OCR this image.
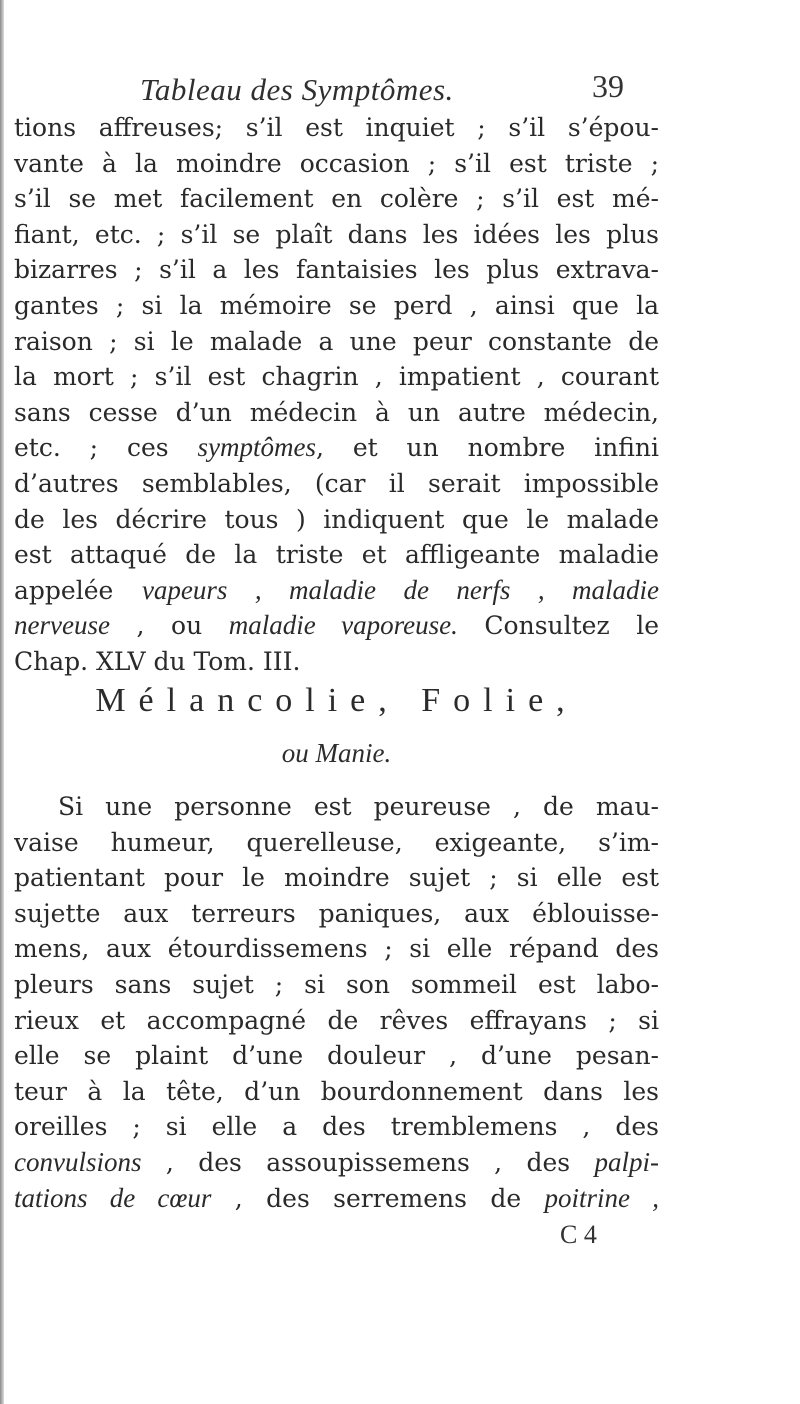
Tableau des Symptômes.	39
tions affreuses; s’il est inquiet ; s’il s’épou-
vante à la moindre occasion ; s’il est triste ;
s’il se met facilement en colère ; s’il est mé-
fiant, etc. ; s’il se plaît dans les idées les plus
bizarres ; s’il a les fantaisies les plus extrava-
gantes ; si la mémoire se perd , ainsi que la
raison ; si le malade a une peur constante de
la mort ; s’il est chagrin , impatient , courant
sans cesse d’un médecin à un autre médecin,
etc. ; ces symptômes, et un nombre infini
d’autres semblables, (car il serait impossible
de les décrire tous ) indiquent que le malade
est attaqué de la triste et affligeante maladie
appelée vapeurs , maladie de nerfs , maladie
nerveuse , ou maladie vaporeuse. Consultez le
Chap. XLV du Tom. III.
Mélancolie, Folie,
ou Manie.
Si une personne est peureuse , de mau-
vaise humeur, querelleuse, exigeante, s’im-
patientant pour le moindre sujet ; si elle est
sujette aux terreurs paniques, aux éblouisse-
mens, aux étourdissemens ; si elle répand des
pleurs sans sujet ; si son sommeil est labo-
rieux et accompagné de rêves effrayans ; si
elle se plaint d’une douleur , d’une pesan-
teur à la tête, d’un bourdonnement dans les
oreilles ; si elle a des tremblemens , des
convulsions , des assoupissemens , des palpi-
tations de cœur , des serremens de poitrine ,
C 4
